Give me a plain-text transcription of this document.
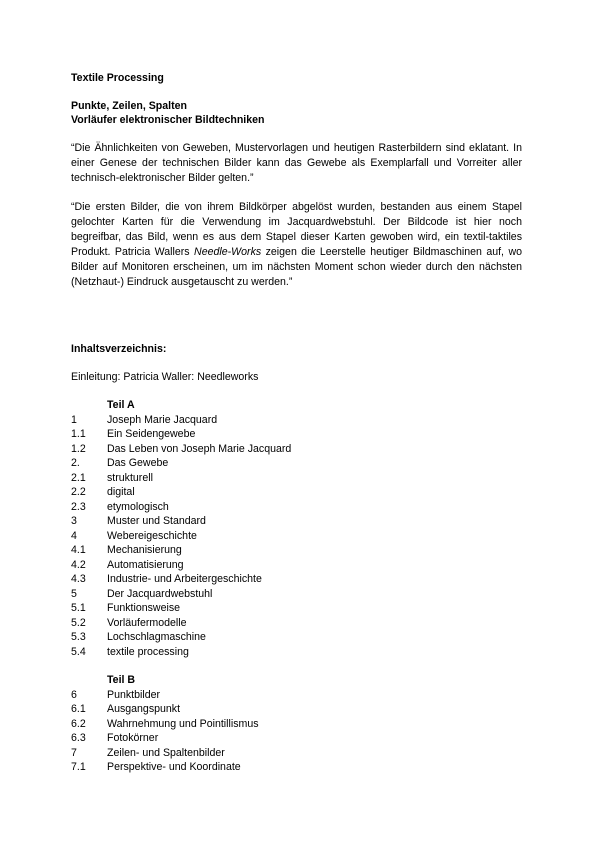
Textile Processing

Punkte, Zeilen, Spalten

Vorläufer elektronischer Bildtechniken

“Die Ähnlichkeiten von Geweben, Mustervorlagen und heutigen Rasterbildern sind eklatant. In einer Genese der technischen Bilder kann das Gewebe als Exemplarfall und Vorreiter aller technisch-elektronischer Bilder gelten.”

“Die ersten Bilder, die von ihrem Bildkörper abgelöst wurden, bestanden aus einem Stapel gelochter Karten für die Verwendung im Jacquardwebstuhl. Der Bildcode ist hier noch begreifbar, das Bild, wenn es aus dem Stapel dieser Karten gewoben wird, ein textil-taktiles Produkt. Patricia Wallers Needle-Works zeigen die Leerstelle heutiger Bildmaschinen auf, wo Bilder auf Monitoren erscheinen, um im nächsten Moment schon wieder durch den nächsten (Netzhaut-) Eindruck ausgetauscht zu werden.”

Inhaltsverzeichnis:

Einleitung: Patricia Waller: Needleworks

Teil A

1	Joseph Marie Jacquard
1.1	Ein Seidengewebe
1.2	Das Leben von Joseph Marie Jacquard
2.	Das Gewebe
2.1	strukturell
2.2	digital
2.3	etymologisch
3	Muster und Standard
4	Webereigeschichte
4.1	Mechanisierung
4.2	Automatisierung
4.3	Industrie- und Arbeitergeschichte
5	Der Jacquardwebstuhl
5.1	Funktionsweise
5.2	Vorläufermodelle
5.3	Lochschlagmaschine
5.4	textile processing

Teil B

6	Punktbilder
6.1	Ausgangspunkt
6.2	Wahrnehmung und Pointillismus
6.3	Fotokörner
7	Zeilen- und Spaltenbilder
7.1	Perspektive- und Koordinate
